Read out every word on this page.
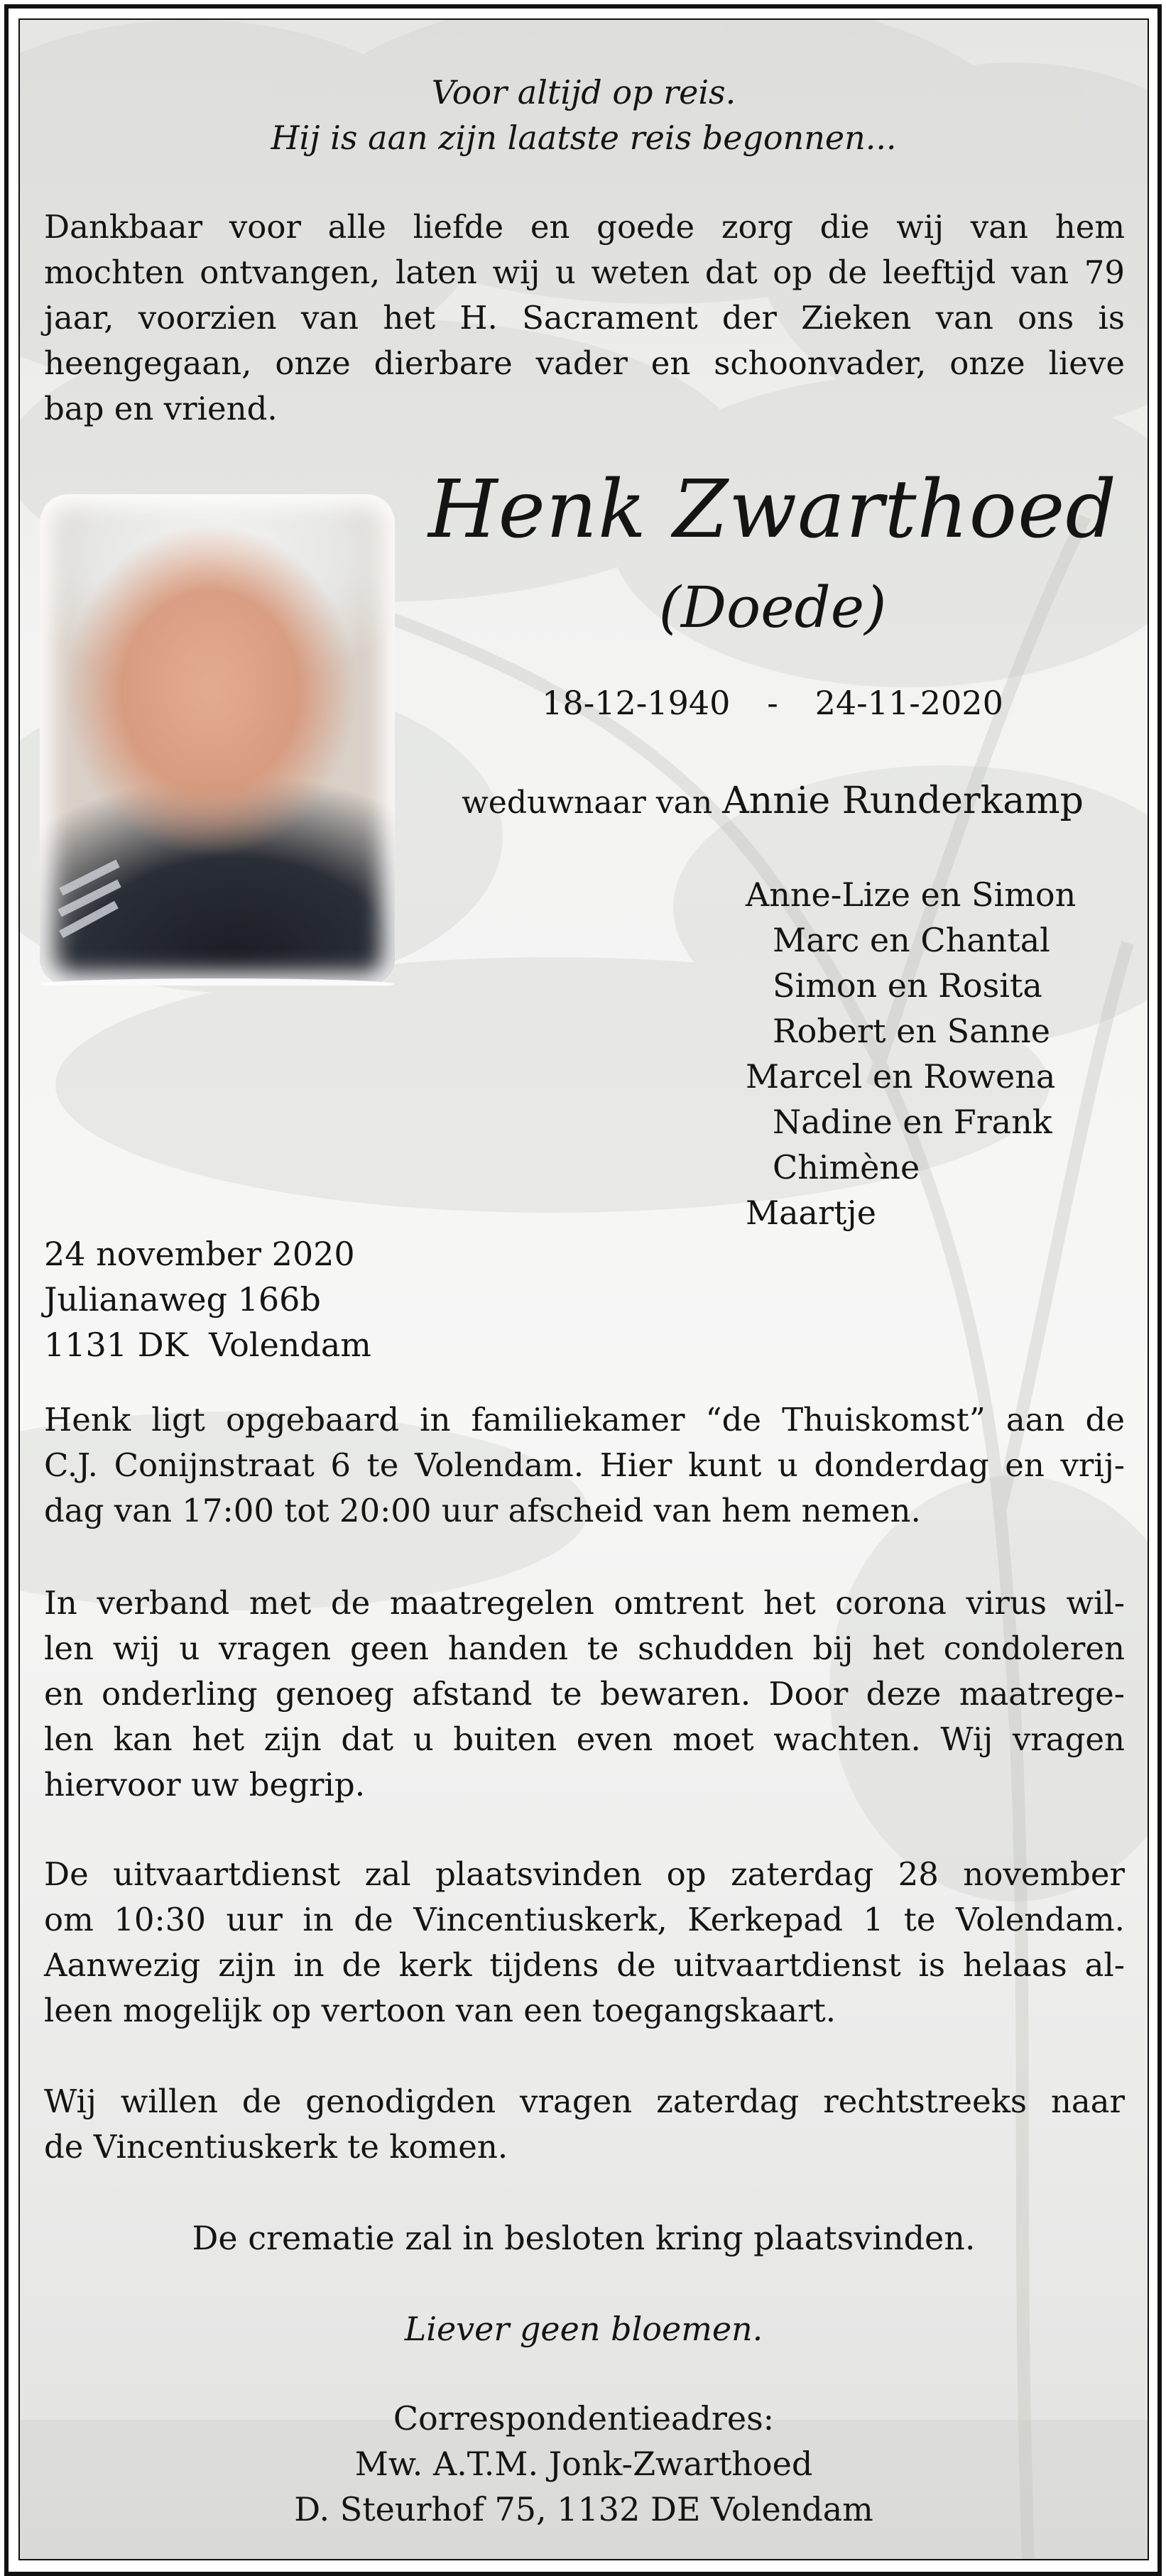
Voor altijd op reis.
Hij is aan zijn laatste reis begonnen...
Dankbaar voor alle liefde en goede zorg die wij van hem
mochten ontvangen, laten wij u weten dat op de leeftijd van 79
jaar, voorzien van het H. Sacrament der Zieken van ons is
heengegaan, onze dierbare vader en schoonvader, onze lieve
bap en vriend.
Henk Zwarthoed
(Doede)
18-12-1940 - 24-11-2020
weduwnaar van Annie Runderkamp
Anne-Lize en Simon
Marc en Chantal
Simon en Rosita
Robert en Sanne
Marcel en Rowena
Nadine en Frank
Chimène
Maartje
24 november 2020
Julianaweg 166b
1131 DK  Volendam
Henk ligt opgebaard in familiekamer “de Thuiskomst” aan de
C.J. Conijnstraat 6 te Volendam. Hier kunt u donderdag en vrij-
dag van 17:00 tot 20:00 uur afscheid van hem nemen.
In verband met de maatregelen omtrent het corona virus wil-
len wij u vragen geen handen te schudden bij het condoleren
en onderling genoeg afstand te bewaren. Door deze maatrege-
len kan het zijn dat u buiten even moet wachten. Wij vragen
hiervoor uw begrip.
De uitvaartdienst zal plaatsvinden op zaterdag 28 november
om 10:30 uur in de Vincentiuskerk, Kerkepad 1 te Volendam.
Aanwezig zijn in de kerk tijdens de uitvaartdienst is helaas al-
leen mogelijk op vertoon van een toegangskaart.
Wij willen de genodigden vragen zaterdag rechtstreeks naar
de Vincentiuskerk te komen.
De crematie zal in besloten kring plaatsvinden.
Liever geen bloemen.
Correspondentieadres:
Mw. A.T.M. Jonk-Zwarthoed
D. Steurhof 75, 1132 DE Volendam
